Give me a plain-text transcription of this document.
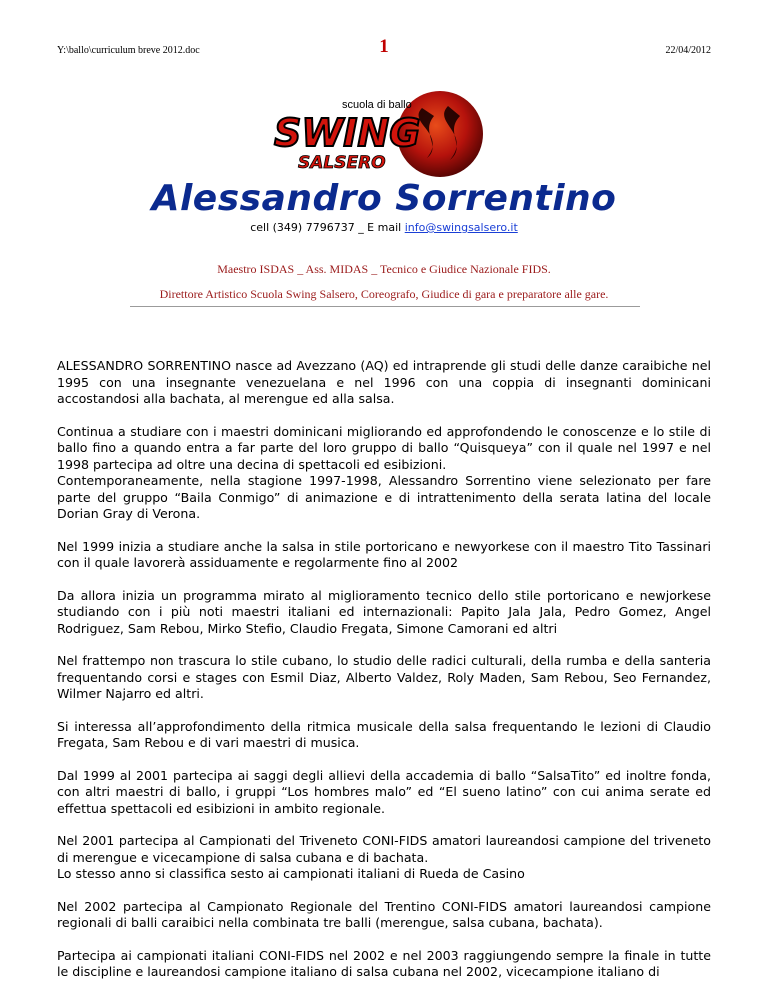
Y:\ballo\curriculum breve 2012.doc	1	22/04/2012
scuola di ballo
SWING
SALSERO
Alessandro Sorrentino
cell (349) 7796737 _ E mail info@swingsalsero.it
Maestro ISDAS _ Ass. MIDAS _ Tecnico e Giudice Nazionale FIDS.
Direttore Artistico Scuola Swing Salsero, Coreografo, Giudice di gara e preparatore alle gare.

ALESSANDRO SORRENTINO nasce ad Avezzano (AQ) ed intraprende gli studi delle danze caraibiche nel 1995 con una insegnante venezuelana e nel 1996 con una coppia di insegnanti dominicani accostandosi alla bachata, al merengue ed alla salsa.

Continua a studiare con i maestri dominicani migliorando ed approfondendo le conoscenze e lo stile di ballo fino a quando entra a far parte del loro gruppo di ballo “Quisqueya” con il quale nel 1997 e nel 1998 partecipa ad oltre una decina di spettacoli ed esibizioni.
Contemporaneamente, nella stagione 1997-1998, Alessandro Sorrentino viene selezionato per fare parte del gruppo “Baila Conmigo” di animazione e di intrattenimento della serata latina del locale Dorian Gray di Verona.

Nel 1999 inizia a studiare anche la salsa in stile portoricano e newyorkese con il maestro Tito Tassinari con il quale lavorerà assiduamente e regolarmente fino al 2002

Da allora inizia un programma mirato al miglioramento tecnico dello stile portoricano e newjorkese studiando con i più noti maestri italiani ed internazionali: Papito Jala Jala, Pedro Gomez, Angel Rodriguez, Sam Rebou, Mirko Stefio, Claudio Fregata, Simone Camorani ed altri

Nel frattempo non trascura lo stile cubano, lo studio delle radici culturali, della rumba e della santeria frequentando corsi e stages con Esmil Diaz, Alberto Valdez, Roly Maden, Sam Rebou, Seo Fernandez, Wilmer Najarro ed altri.

Si interessa all’approfondimento della ritmica musicale della salsa frequentando le lezioni di Claudio Fregata, Sam Rebou e di vari maestri di musica.

Dal 1999 al 2001 partecipa ai saggi degli allievi della accademia di ballo “SalsaTito” ed inoltre fonda, con altri maestri di ballo, i gruppi “Los hombres malo” ed “El sueno latino” con cui anima serate ed effettua spettacoli ed esibizioni in ambito regionale.

Nel 2001 partecipa al Campionati del Triveneto CONI-FIDS amatori laureandosi campione del triveneto di merengue e vicecampione di salsa cubana e di bachata.
Lo stesso anno si classifica sesto ai campionati italiani di Rueda de Casino

Nel 2002 partecipa al Campionato Regionale del Trentino CONI-FIDS amatori laureandosi campione regionali di balli caraibici nella combinata tre balli (merengue, salsa cubana, bachata).

Partecipa ai campionati italiani CONI-FIDS nel 2002 e nel 2003 raggiungendo sempre la finale in tutte le discipline e laureandosi campione italiano di salsa cubana nel 2002, vicecampione italiano di
